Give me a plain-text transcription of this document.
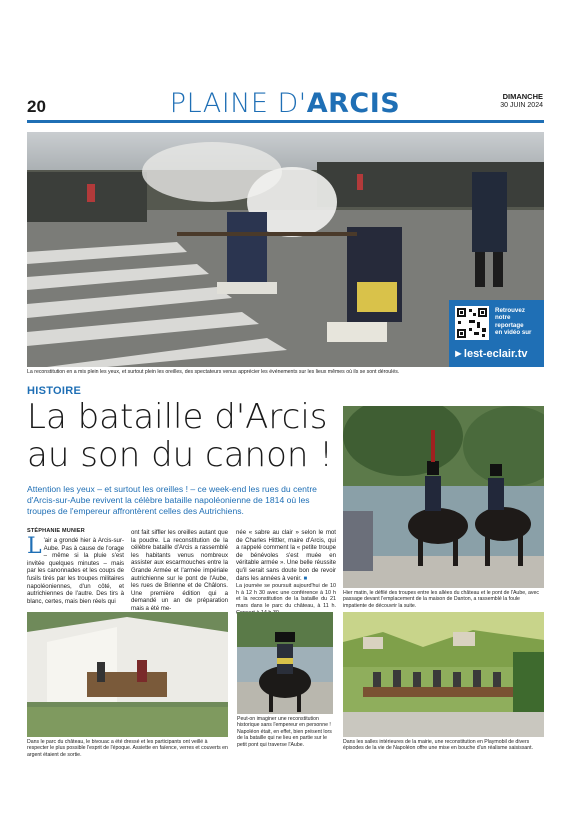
20	PLAINE D'ARCIS	DIMANCHE
30 JUIN 2024
Retrouvez
notre
reportage
en vidéo sur
►lest-eclair.tv
La reconstitution en a mis plein les yeux, et surtout plein les oreilles, des spectateurs venus apprécier les événements sur les lieux mêmes où ils se sont déroulés.
HISTOIRE
La bataille d'Arcis
au son du canon !
Attention les yeux – et surtout les oreilles ! – ce week-end les rues du centre d'Arcis-sur-Aube revivent la célèbre bataille napoléonienne de 1814 où les troupes de l'empereur affrontèrent celles des Autrichiens.
STÉPHANIE MUNIER
L 'air a grondé hier à Arcis-sur-Aube. Pas à cause de l'orage – même si la pluie s'est invitée quelques minutes – mais par les canonnades et les coups de fusils tirés par les troupes militaires napoléoniennes, d'un côté, et autrichiennes de l'autre. Des tirs à blanc, certes, mais bien réels qui
ont fait siffler les oreilles autant que la poudre. La reconstitution de la célèbre bataille d'Arcis a rassemblé les habitants venus nombreux assister aux escarmouches entre la Grande Armée et l'armée impériale autrichienne sur le pont de l'Aube, les rues de Brienne et de Châlons. Une première édition qui a demandé un an de préparation mais a été me-
née « sabre au clair » selon le mot de Charles Hittler, maire d'Arcis, qui a rappelé comment la « petite troupe de bénévoles s'est muée en véritable armée ». Une belle réussite qu'il serait sans doute bon de revoir dans les années à venir. ■
La journée se poursuit aujourd'hui de 10 h à 12 h 30 avec une conférence à 10 h et la reconstitution de la bataille du 21 mars dans le parc du château, à 11 h.
Hier matin, le défilé des troupes entre les allées du château et le pont de l'Aube, avec passage devant l'emplacement de la maison de Danton, a rassemblé la foule impatiente de découvrir la suite.
Dans le parc du château, le bivouac a été dressé et les participants ont veillé à respecter le plus possible l'esprit de l'époque. Assiette en faïence, verres et couverts en argent étaient de sortie.
Peut-on imaginer une reconstitution historique sans l'empereur en personne ! Napoléon était, en effet, bien présent lors de la bataille qui ne lieu en partie sur le petit pont qui traverse l'Aube.	Dans les salles intérieures de la mairie, une reconstitution en Playmobil de divers épisodes de la vie de Napoléon offre une mise en bouche d'un réalisme saisissant.
